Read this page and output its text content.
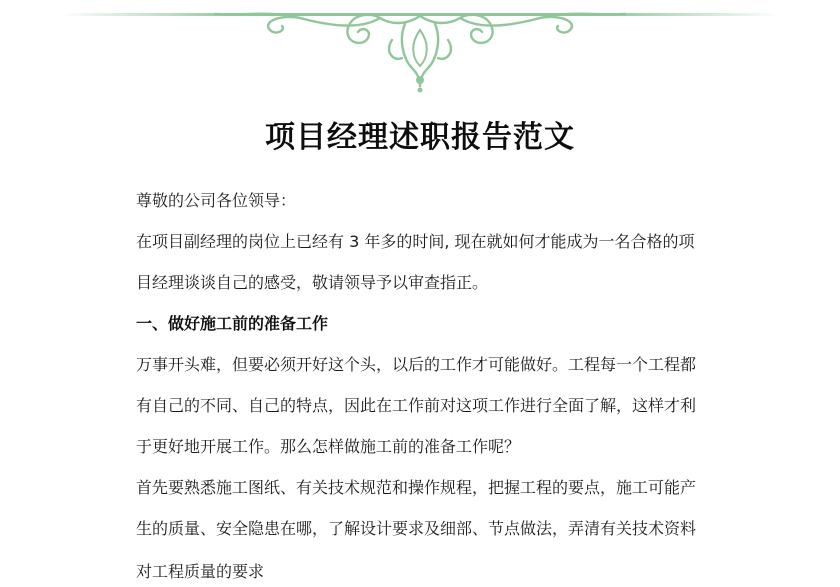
项目经理述职报告范文
尊敬的公司各位领导：
在项目副经理的岗位上已经有 3 年多的时间, 现在就如何才能成为一名合格的项
目经理谈谈自己的感受，敬请领导予以审查指正。
一、做好施工前的准备工作
万事开头难，但要必须开好这个头，以后的工作才可能做好。工程每一个工程都
有自己的不同、自己的特点，因此在工作前对这项工作进行全面了解，这样才利
于更好地开展工作。那么怎样做施工前的准备工作呢？
首先要熟悉施工图纸、有关技术规范和操作规程，把握工程的要点，施工可能产
生的质量、安全隐患在哪，了解设计要求及细部、节点做法，弄清有关技术资料
对工程质量的要求
